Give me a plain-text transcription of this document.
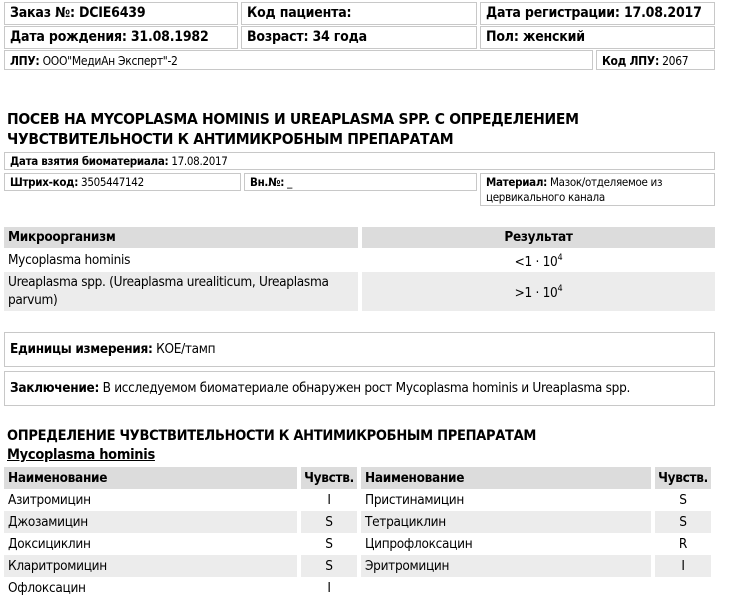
Заказ №: DCIE6439	Код пациента:	Дата регистрации: 17.08.2017
Дата рождения: 31.08.1982	Возраст: 34 года	Пол: женский
ЛПУ: ООО"МедиАн Эксперт"-2	Код ЛПУ: 2067
ПОСЕВ НА MYCOPLASMA HOMINIS И UREAPLASMA SPP. С ОПРЕДЕЛЕНИЕМ
ЧУВСТВИТЕЛЬНОСТИ К АНТИМИКРОБНЫМ ПРЕПАРАТАМ
Дата взятия биоматериала: 17.08.2017
Штрих-код: 3505447142	Вн.№: _	Материал: Мазок/отделяемое из
цервикального канала
Микроорганизм	Результат
Mycoplasma hominis	$<1 \cdot 10^4$
Ureaplasma spp. (Ureaplasma urealiticum, Ureaplasma
parvum)	$>1 \cdot 10^4$
Единицы измерения: КОЕ/тамп
Заключение: В исследуемом биоматериале обнаружен рост Mycoplasma hominis и Ureaplasma spp.
ОПРЕДЕЛЕНИЕ ЧУВСТВИТЕЛЬНОСТИ К АНТИМИКРОБНЫМ ПРЕПАРАТАМ
Mycoplasma hominis
Наименование	Чувств.
Азитромицин	I
Джозамицин	S
Доксициклин	S
Кларитромицин	S
Офлоксацин	I
Наименование	Чувств.
Пристинамицин	S
Тетрациклин	S
Ципрофлоксацин	R
Эритромицин	I
